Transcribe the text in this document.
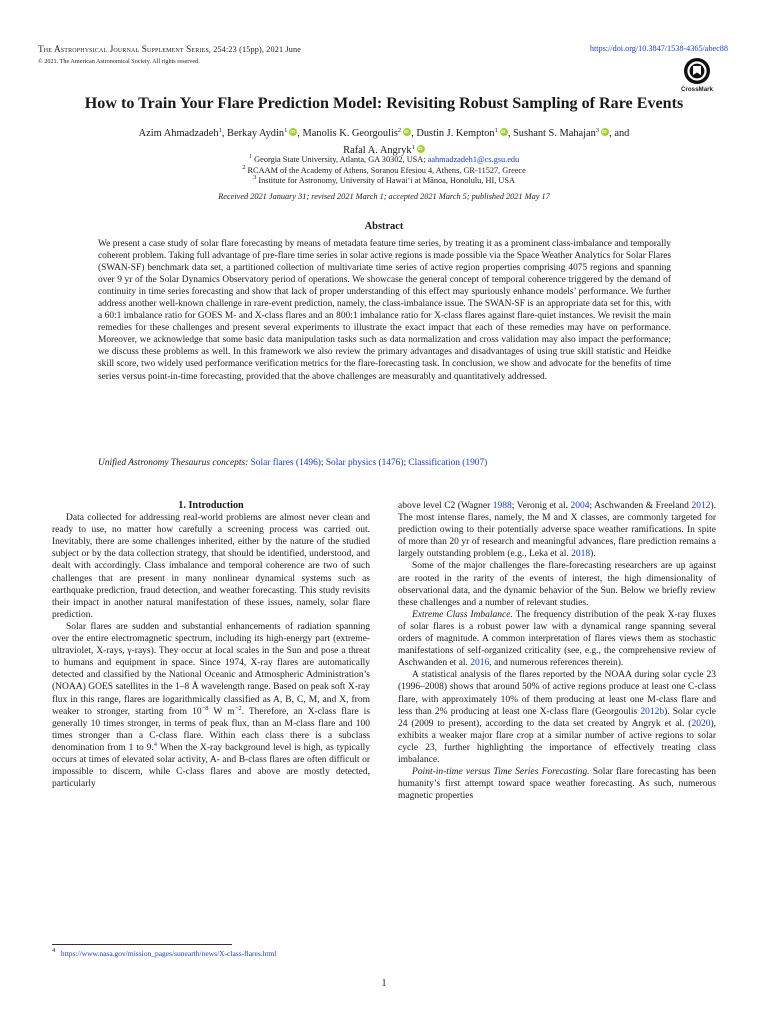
The Astrophysical Journal Supplement Series, 254:23 (15pp), 2021 June
© 2021. The American Astronomical Society. All rights reserved.
https://doi.org/10.3847/1538-4365/abec88
CrossMark
How to Train Your Flare Prediction Model: Revisiting Robust Sampling of Rare Events
Azim Ahmadzadeh$^1$, Berkay Aydin$^1$ iD , Manolis K. Georgoulis$^2$ iD , Dustin J. Kempton$^1$ iD , Sushant S. Mahajan$^3$ iD , and
Rafal A. Angryk$^1$iD
$^1$ Georgia State University, Atlanta, GA 30302, USA; aahmadzadeh1@cs.gsu.edu
$^2$ RCAAM of the Academy of Athens, Soranou Efesiou 4, Athens, GR-11527, Greece
$^3$ Institute for Astronomy, University of Hawaiʻi at Mānoa, Honolulu, HI, USA
Received 2021 January 31; revised 2021 March 1; accepted 2021 March 5; published 2021 May 17
Abstract
We present a case study of solar flare forecasting by means of metadata feature time series, by treating it as a prominent class-imbalance and temporally coherent problem. Taking full advantage of pre-flare time series in solar active regions is made possible via the Space Weather Analytics for Solar Flares (SWAN-SF) benchmark data set, a partitioned collection of multivariate time series of active region properties comprising 4075 regions and spanning over 9 yr of the Solar Dynamics Observatory period of operations. We showcase the general concept of temporal coherence triggered by the demand of continuity in time series forecasting and show that lack of proper understanding of this effect may spuriously enhance models’ performance. We further address another well-known challenge in rare-event prediction, namely, the class-imbalance issue. The SWAN-SF is an appropriate data set for this, with a 60:1 imbalance ratio for GOES M- and X-class flares and an 800:1 imbalance ratio for X-class flares against flare-quiet instances. We revisit the main remedies for these challenges and present several experiments to illustrate the exact impact that each of these remedies may have on performance. Moreover, we acknowledge that some basic data manipulation tasks such as data normalization and cross validation may also impact the performance; we discuss these problems as well. In this framework we also review the primary advantages and disadvantages of using true skill statistic and Heidke skill score, two widely used performance verification metrics for the flare-forecasting task. In conclusion, we show and advocate for the benefits of time series versus point-in-time forecasting, provided that the above challenges are measurably and quantitatively addressed.
Unified Astronomy Thesaurus concepts: Solar flares (1496); Solar physics (1476); Classification (1907)

1. Introduction

Data collected for addressing real-world problems are almost never clean and ready to use, no matter how carefully a screening process was carried out. Inevitably, there are some challenges inherited, either by the nature of the studied subject or by the data collection strategy, that should be identified, understood, and dealt with accordingly. Class imbalance and temporal coherence are two of such challenges that are present in many nonlinear dynamical systems such as earthquake prediction, fraud detection, and weather forecasting. This study revisits their impact in another natural manifestation of these issues, namely, solar flare prediction.

Solar flares are sudden and substantial enhancements of radiation spanning over the entire electromagnetic spectrum, including its high-energy part (extreme-ultraviolet, X-rays, γ-rays). They occur at local scales in the Sun and pose a threat to humans and equipment in space. Since 1974, X-ray flares are automatically detected and classified by the National Oceanic and Atmospheric Administration’s (NOAA) GOES satellites in the 1–8 Å wavelength range. Based on peak soft X-ray flux in this range, flares are logarithmically classified as A, B, C, M, and X, from weaker to stronger, starting from $10^{-8}$ W $m^{-2}$. Therefore, an X-class flare is generally 10 times stronger, in terms of peak flux, than an M-class flare and 100 times stronger than a C-class flare. Within each class there is a subclass denomination from 1 to 9.$^4$ When the X-ray background level is high, as typically occurs at times of elevated solar activity, A- and B-class flares are often difficult or impossible to discern, while C-class flares and above are mostly detected, particularly

above level C2 (Wagner 1988; Veronig et al. 2004; Aschwanden & Freeland 2012). The most intense flares, namely, the M and X classes, are commonly targeted for prediction owing to their potentially adverse space weather ramifications. In spite of more than 20 yr of research and meaningful advances, flare prediction remains a largely outstanding problem (e.g., Leka et al. 2018).

Some of the major challenges the flare-forecasting researchers are up against are rooted in the rarity of the events of interest, the high dimensionality of observational data, and the dynamic behavior of the Sun. Below we briefly review these challenges and a number of relevant studies.

Extreme Class Imbalance. The frequency distribution of the peak X-ray fluxes of solar flares is a robust power law with a dynamical range spanning several orders of magnitude. A common interpretation of flares views them as stochastic manifestations of self-organized criticality (see, e.g., the comprehensive review of Aschwanden et al. 2016, and numerous references therein).

A statistical analysis of the flares reported by the NOAA during solar cycle 23 (1996–2008) shows that around 50% of active regions produce at least one C-class flare, with approximately 10% of them producing at least one M-class flare and less than 2% producing at least one X-class flare (Georgoulis 2012b). Solar cycle 24 (2009 to present), according to the data set created by Angryk et al. (2020), exhibits a weaker major flare crop at a similar number of active regions to solar cycle 23, further highlighting the importance of effectively treating class imbalance.

Point-in-time versus Time Series Forecasting. Solar flare forecasting has been humanity’s first attempt toward space weather forecasting. As such, numerous magnetic properties

$^4$ https://www.nasa.gov/mission_pages/sunearth/news/X-class-flares.html
1
